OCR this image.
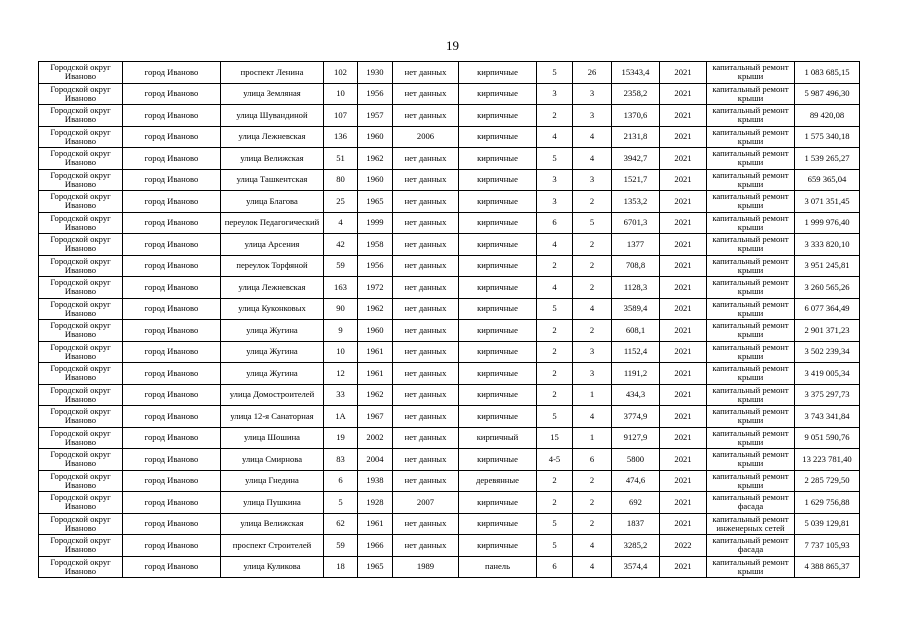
19
Городской округ Иваново	город Иваново	проспект Ленина	102	1930	нет данных	кирпичные	5	26	15343,4	2021	капитальный ремонт крыши	1 083 685,15
Городской округ Иваново	город Иваново	улица Земляная	10	1956	нет данных	кирпичные	3	3	2358,2	2021	капитальный ремонт крыши	5 987 496,30
Городской округ Иваново	город Иваново	улица Шувандиной	107	1957	нет данных	кирпичные	2	3	1370,6	2021	капитальный ремонт крыши	89 420,08
Городской округ Иваново	город Иваново	улица Лежневская	136	1960	2006	кирпичные	4	4	2131,8	2021	капитальный ремонт крыши	1 575 340,18
Городской округ Иваново	город Иваново	улица Велижская	51	1962	нет данных	кирпичные	5	4	3942,7	2021	капитальный ремонт крыши	1 539 265,27
Городской округ Иваново	город Иваново	улица Ташкентская	80	1960	нет данных	кирпичные	3	3	1521,7	2021	капитальный ремонт крыши	659 365,04
Городской округ Иваново	город Иваново	улица Благова	25	1965	нет данных	кирпичные	3	2	1353,2	2021	капитальный ремонт крыши	3 071 351,45
Городской округ Иваново	город Иваново	переулок Педагогический	4	1999	нет данных	кирпичные	6	5	6701,3	2021	капитальный ремонт крыши	1 999 976,40
Городской округ Иваново	город Иваново	улица Арсения	42	1958	нет данных	кирпичные	4	2	1377	2021	капитальный ремонт крыши	3 333 820,10
Городской округ Иваново	город Иваново	переулок Торфяной	59	1956	нет данных	кирпичные	2	2	708,8	2021	капитальный ремонт крыши	3 951 245,81
Городской округ Иваново	город Иваново	улица Лежневская	163	1972	нет данных	кирпичные	4	2	1128,3	2021	капитальный ремонт крыши	3 260 565,26
Городской округ Иваново	город Иваново	улица Куконковых	90	1962	нет данных	кирпичные	5	4	3589,4	2021	капитальный ремонт крыши	6 077 364,49
Городской округ Иваново	город Иваново	улица Жугина	9	1960	нет данных	кирпичные	2	2	608,1	2021	капитальный ремонт крыши	2 901 371,23
Городской округ Иваново	город Иваново	улица Жугина	10	1961	нет данных	кирпичные	2	3	1152,4	2021	капитальный ремонт крыши	3 502 239,34
Городской округ Иваново	город Иваново	улица Жугина	12	1961	нет данных	кирпичные	2	3	1191,2	2021	капитальный ремонт крыши	3 419 005,34
Городской округ Иваново	город Иваново	улица Домостроителей	33	1962	нет данных	кирпичные	2	1	434,3	2021	капитальный ремонт крыши	3 375 297,73
Городской округ Иваново	город Иваново	улица 12-я Санаторная	1А	1967	нет данных	кирпичные	5	4	3774,9	2021	капитальный ремонт крыши	3 743 341,84
Городской округ Иваново	город Иваново	улица Шошина	19	2002	нет данных	кирпичный	15	1	9127,9	2021	капитальный ремонт крыши	9 051 590,76
Городской округ Иваново	город Иваново	улица Смирнова	83	2004	нет данных	кирпичные	4-5	6	5800	2021	капитальный ремонт крыши	13 223 781,40
Городской округ Иваново	город Иваново	улица Гнедина	6	1938	нет данных	деревянные	2	2	474,6	2021	капитальный ремонт крыши	2 285 729,50
Городской округ Иваново	город Иваново	улица Пушкина	5	1928	2007	кирпичные	2	2	692	2021	капитальный ремонт фасада	1 629 756,88
Городской округ Иваново	город Иваново	улица Велижская	62	1961	нет данных	кирпичные	5	2	1837	2021	капитальный ремонт инженерных сетей	5 039 129,81
Городской округ Иваново	город Иваново	проспект Строителей	59	1966	нет данных	кирпичные	5	4	3285,2	2022	капитальный ремонт фасада	7 737 105,93
Городской округ Иваново	город Иваново	улица Куликова	18	1965	1989	панель	6	4	3574,4	2021	капитальный ремонт крыши	4 388 865,37
